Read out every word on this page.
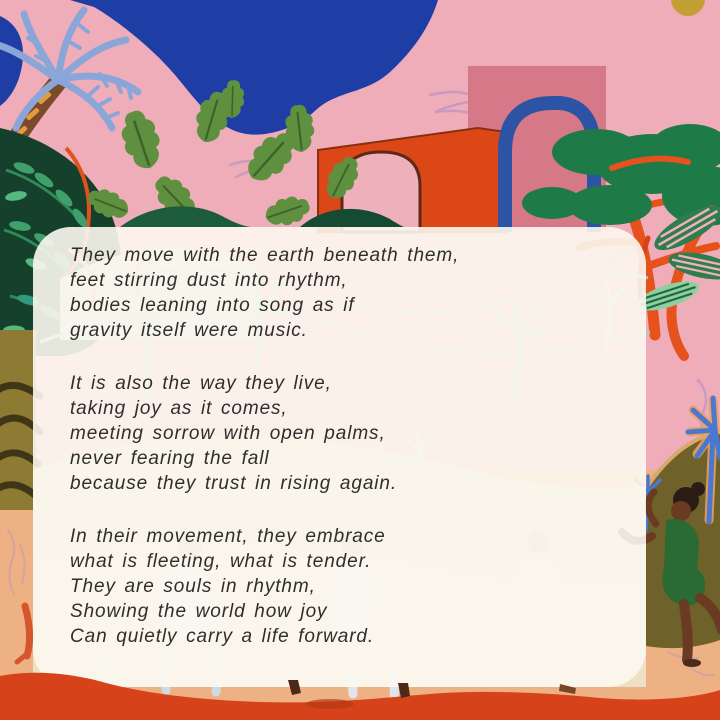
They move with the earth beneath them,
feet stirring dust into rhythm,
bodies leaning into song as if
gravity itself were music.
It is also the way they live,
taking joy as it comes,
meeting sorrow with open palms,
never fearing the fall
because they trust in rising again.
In their movement, they embrace
what is fleeting, what is tender.
They are souls in rhythm,
Showing the world how joy
Can quietly carry a life forward.
